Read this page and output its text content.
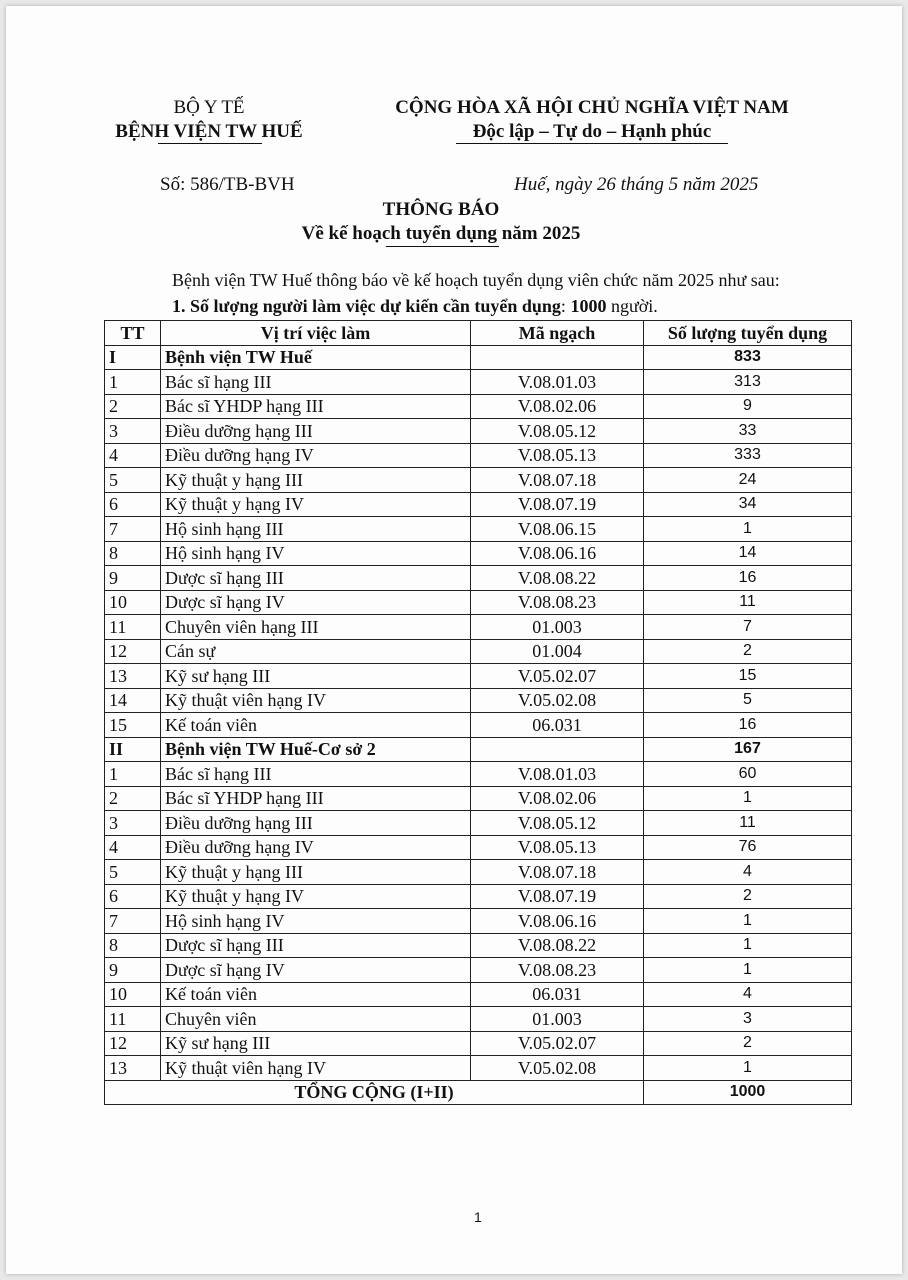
BỘ Y TẾ
BỆNH VIỆN TW HUẾ
CỘNG HÒA XÃ HỘI CHỦ NGHĨA VIỆT NAM
Độc lập – Tự do – Hạnh phúc
Số: 586/TB-BVH	Huế, ngày 26 tháng 5 năm 2025
THÔNG BÁO
Về kế hoạch tuyển dụng năm 2025
Bệnh viện TW Huế thông báo về kế hoạch tuyển dụng viên chức năm 2025 như sau:
1. Số lượng người làm việc dự kiến cần tuyển dụng: 1000 người.
TT	Vị trí việc làm	Mã ngạch	Số lượng tuyển dụng
I	Bệnh viện TW Huế		833
1	Bác sĩ hạng III	V.08.01.03	313
2	Bác sĩ YHDP hạng III	V.08.02.06	9
3	Điều dưỡng hạng III	V.08.05.12	33
4	Điều dưỡng hạng IV	V.08.05.13	333
5	Kỹ thuật y hạng III	V.08.07.18	24
6	Kỹ thuật y hạng IV	V.08.07.19	34
7	Hộ sinh hạng III	V.08.06.15	1
8	Hộ sinh hạng IV	V.08.06.16	14
9	Dược sĩ hạng III	V.08.08.22	16
10	Dược sĩ hạng IV	V.08.08.23	11
11	Chuyên viên hạng III	01.003	7
12	Cán sự	01.004	2
13	Kỹ sư hạng III	V.05.02.07	15
14	Kỹ thuật viên hạng IV	V.05.02.08	5
15	Kế toán viên	06.031	16
II	Bệnh viện TW Huế-Cơ sở 2		167
1	Bác sĩ hạng III	V.08.01.03	60
2	Bác sĩ YHDP hạng III	V.08.02.06	1
3	Điều dưỡng hạng III	V.08.05.12	11
4	Điều dưỡng hạng IV	V.08.05.13	76
5	Kỹ thuật y hạng III	V.08.07.18	4
6	Kỹ thuật y hạng IV	V.08.07.19	2
7	Hộ sinh hạng IV	V.08.06.16	1
8	Dược sĩ hạng III	V.08.08.22	1
9	Dược sĩ hạng IV	V.08.08.23	1
10	Kế toán viên	06.031	4
11	Chuyên viên	01.003	3
12	Kỹ sư hạng III	V.05.02.07	2
13	Kỹ thuật viên hạng IV	V.05.02.08	1
TỔNG CỘNG (I+II)			1000
1
